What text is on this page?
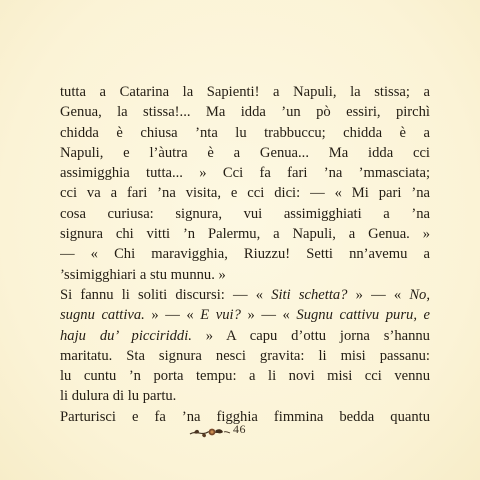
tutta a Catarina la Sapienti! a Napuli, la stissa; a
Genua, la stissa!... Ma idda ’un pò essiri, pirchì
chidda è chiusa ’nta lu trabbuccu; chidda è a
Napuli, e l’àutra è a Genua... Ma idda cci
assimigghia tutta... » Cci fa fari ’na ’mmasciata;
cci va a fari ’na visita, e cci dici: — « Mi pari ’na
cosa curiusa: signura, vui assimigghiati a ’na
signura chi vitti ’n Palermu, a Napuli, a Genua. »
— « Chi maravigghia, Riuzzu! Setti nn’avemu a
’ssimigghiari a stu munnu. »
Si fannu li soliti discursi: — « Siti schetta? » — « No,
sugnu cattiva. » — « E vui? » — « Sugnu cattivu puru, e
haju du’ picciriddi. » A capu d’ottu jorna s’hannu
maritatu. Sta signura nesci gravita: li misi passanu:
lu cuntu ’n porta tempu: a li novi misi cci vennu
li dulura di lu partu.
Parturisci e fa ’na figghia fimmina bedda quantu
46
